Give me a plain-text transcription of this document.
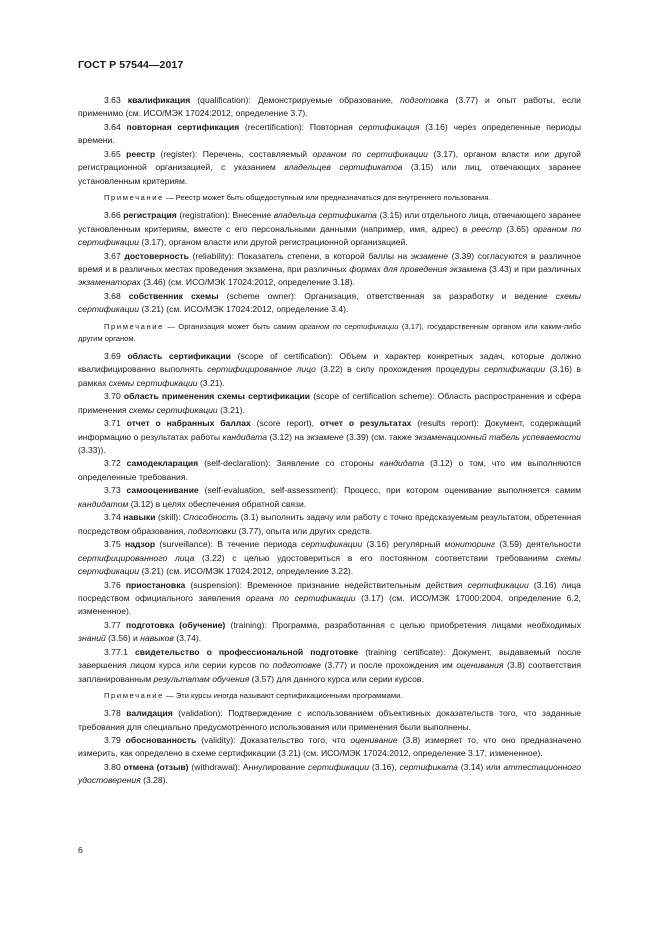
ГОСТ Р 57544—2017

3.63 квалификация (qualification): Демонстрируемые образование, подготовка (3.77) и опыт работы, если применимо (см. ИСО/МЭК 17024:2012, определение 3.7).

3.64 повторная сертификация (recertification): Повторная сертификация (3.16) через определенные периоды времени.

3.65 реестр (register): Перечень, составляемый органом по сертификации (3.17), органом власти или другой регистрационной организацией, с указанием владельцев сертификатов (3.15) или лиц, отвечающих заранее установленным критериям.

Примечание — Реестр может быть общедоступным или предназначаться для внутреннего пользования.

3.66 регистрация (registration): Внесение владельца сертификата (3.15) или отдельного лица, отвечающего заранее установленным критериям, вместе с его персональными данными (например, имя, адрес) в реестр (3.65) органом по сертификации (3.17), органом власти или другой регистрационной организацией.

3.67 достоверность (reliability): Показатель степени, в которой баллы на экзамене (3.39) согласуются в различное время и в различных местах проведения экзамена, при различных формах для проведения экзамена (3.43) и при различных экзаменаторах (3.46) (см. ИСО/МЭК 17024:2012, определение 3.18).

3.68 собственник схемы (scheme owner): Организация, ответственная за разработку и ведение схемы сертификации (3.21) (см. ИСО/МЭК 17024:2012, определение 3.4).

Примечание — Организация может быть самим органом по сертификации (3.17), государственным органом или каким-либо другим органом.

3.69 область сертификации (scope of certification): Объем и характер конкретных задач, которые должно квалифицированно выполнять сертифицированное лицо (3.22) в силу прохождения процедуры сертификации (3.16) в рамках схемы сертификации (3.21).

3.70 область применения схемы сертификации (scope of certification scheme): Область распространения и сфера применения схемы сертификации (3.21).

3.71 отчет о набранных баллах (score report), отчет о результатах (results report): Документ, содержащий информацию о результатах работы кандидата (3.12) на экзамене (3.39) (см. также экзаменационный табель успеваемости (3.33)).

3.72 самодекларация (self-declaration): Заявление со стороны кандидата (3.12) о том, что им выполняются определенные требования.

3.73 самооценивание (self-evaluation, self-assessment): Процесс, при котором оценивание выполняется самим кандидатом (3.12) в целях обеспечения обратной связи.

3.74 навыки (skill): Способность (3.1) выполнить задачу или работу с точно предсказуемым результатом, обретенная посредством образования, подготовки (3.77), опыта или других средств.

3.75 надзор (surveillance): В течение периода сертификации (3.16) регулярный мониторинг (3.59) деятельности сертифицированного лица (3.22) с целью удостовериться в его постоянном соответствии требованиям схемы сертификации (3.21) (см. ИСО/МЭК 17024:2012, определение 3.22).

3.76 приостановка (suspension): Временное признание недействительным действия сертификации (3.16) лица посредством официального заявления органа по сертификации (3.17) (см. ИСО/МЭК 17000:2004, определение 6.2, измененное).

3.77 подготовка (обучение) (training): Программа, разработанная с целью приобретения лицами необходимых знаний (3.56) и навыков (3.74).

3.77.1 свидетельство о профессиональной подготовке (training certificate): Документ, выдаваемый после завершения лицом курса или серии курсов по подготовке (3.77) и после прохождения им оценивания (3.8) соответствия запланированным результатам обучения (3.57) для данного курса или серии курсов.

Примечание — Эти курсы иногда называют сертификационными программами.

3.78 валидация (validation): Подтверждение с использованием объективных доказательств того, что заданные требования для специально предусмотренного использования или применения были выполнены.

3.79 обоснованность (validity): Доказательство того, что оценивание (3.8) измеряет то, что оно предназначено измерить, как определено в схеме сертификации (3.21) (см. ИСО/МЭК 17024:2012, определение 3.17, измененное).

3.80 отмена (отзыв) (withdrawal): Аннулирование сертификации (3.16), сертификата (3.14) или аттестационного удостоверения (3.28).

6
